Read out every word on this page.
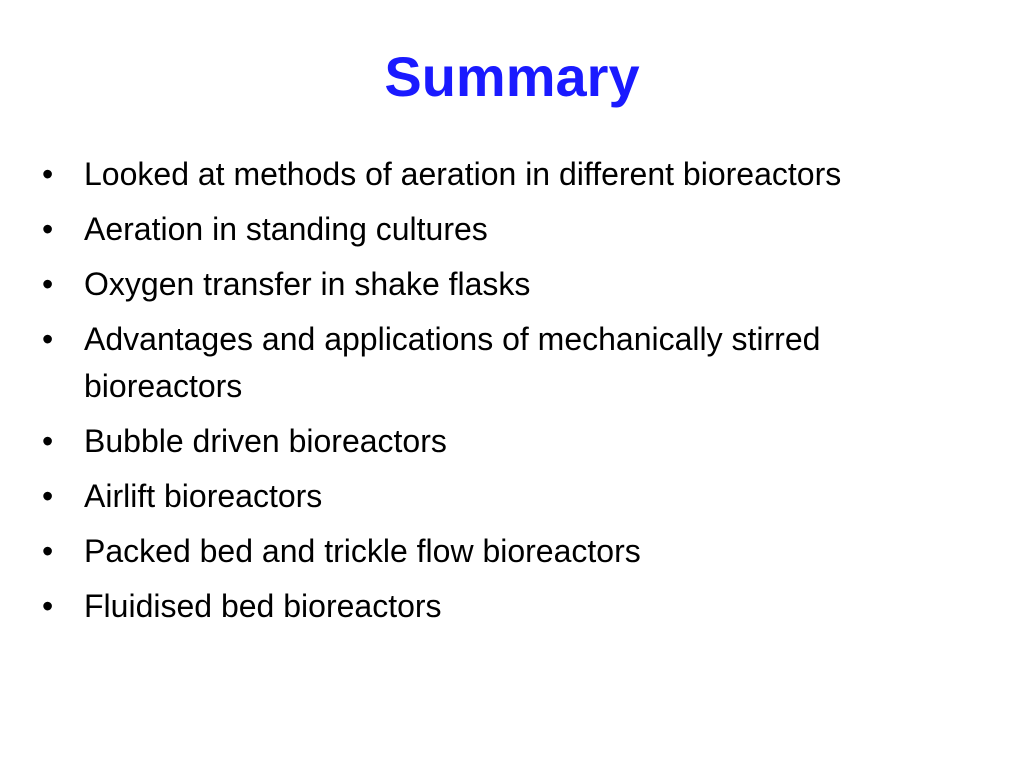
Summary
• Looked at methods of aeration in different bioreactors
• Aeration in standing cultures
• Oxygen transfer in shake flasks
• Advantages and applications of mechanically stirred bioreactors
• Bubble driven bioreactors
• Airlift bioreactors
• Packed bed and trickle flow bioreactors
• Fluidised bed bioreactors
